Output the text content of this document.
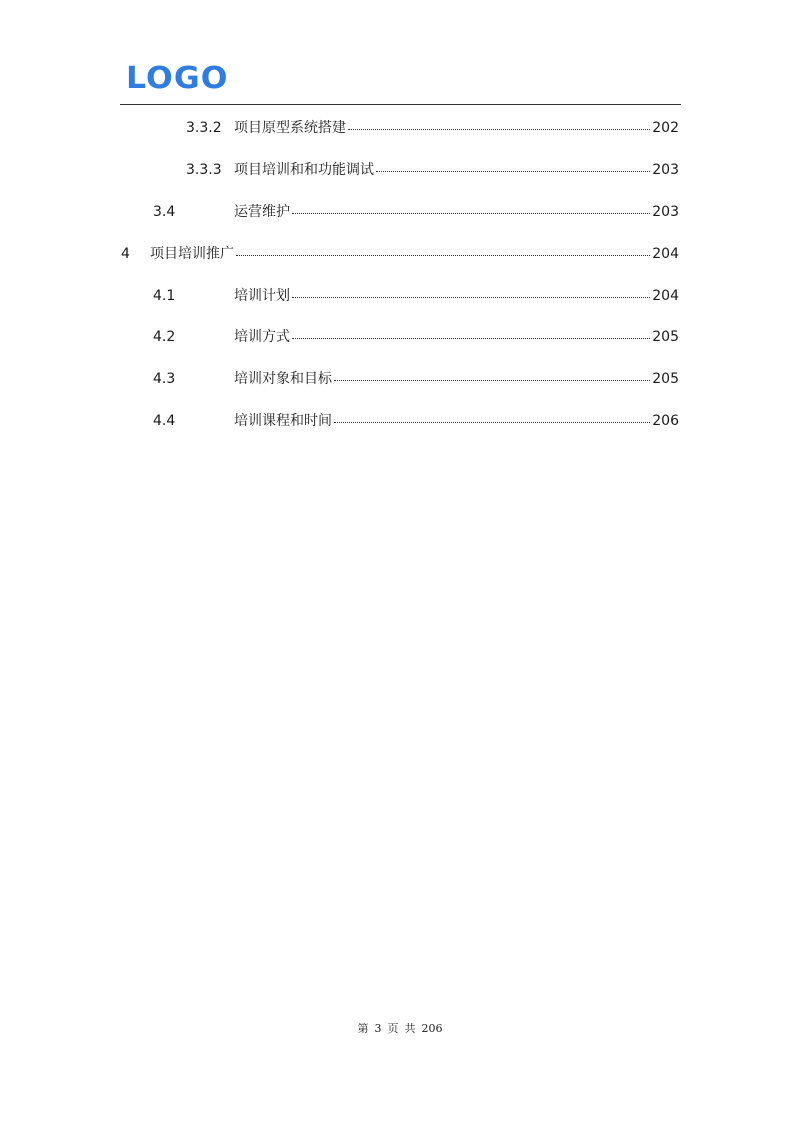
LOGO
3.3.2 项目原型系统搭建	202
3.3.3 项目培训和和功能调试	203
3.4	运营维护	203
4	项目培训推广	204
4.1	培训计划	204
4.2	培训方式	205
4.3	培训对象和目标	205
4.4	培训课程和时间	206
第 3 页 共 206
